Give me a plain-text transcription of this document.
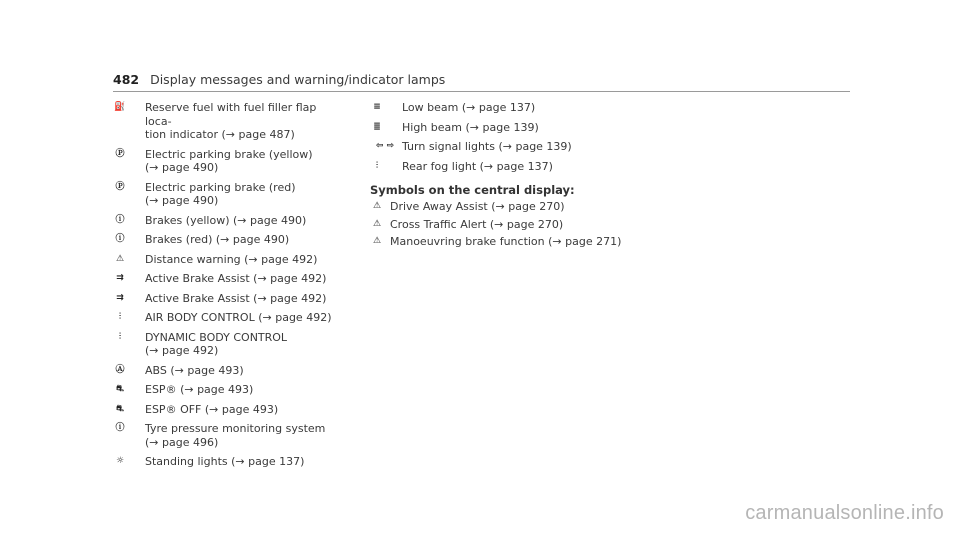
482 Display messages and warning/indicator lamps
⛽ Reserve fuel with fuel filler flap loca-
tion indicator (→ page 487)
Ⓟ Electric parking brake (yellow)
(→ page 490)
Ⓟ Electric parking brake (red)
(→ page 490)
ⓘ Brakes (yellow) (→ page 490)
ⓘ Brakes (red) (→ page 490)
⚠ Distance warning (→ page 492)
⇉ Active Brake Assist (→ page 492)
⇉ Active Brake Assist (→ page 492)
⫶	AIR BODY CONTROL (→ page 492)
⫶	DYNAMIC BODY CONTROL
(→ page 492)
Ⓐ ABS (→ page 493)
⛐ ESP® (→ page 493)
⛐ ESP® OFF (→ page 493)
ⓘ Tyre pressure monitoring system
(→ page 496)
☼ Standing lights (→ page 137)
≡ Low beam (→ page 137)
≣ High beam (→ page 139)
⇦ ⇨ Turn signal lights (→ page 139)
⫶	Rear fog light (→ page 137)
Symbols on the central display:
⚠ Drive Away Assist (→ page 270)
⚠ Cross Traffic Alert (→ page 270)
⚠ Manoeuvring brake function (→ page 271)
carmanualsonline.info
